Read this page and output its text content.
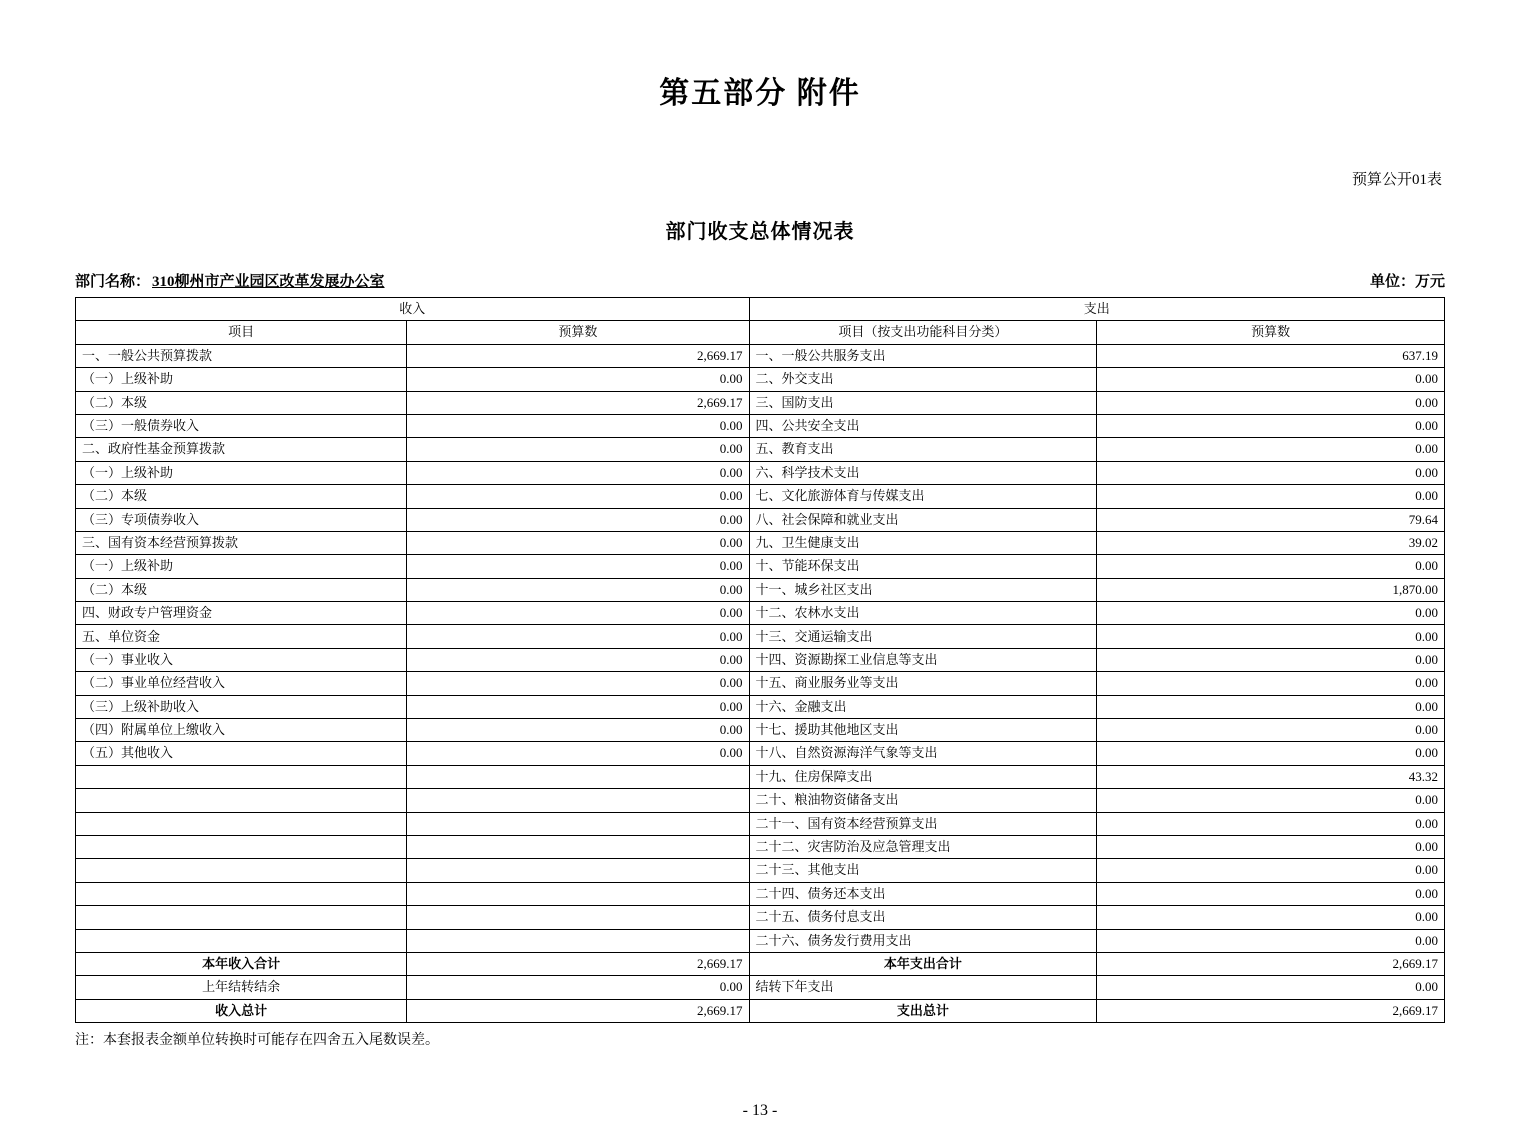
第五部分 附件
预算公开01表
部门收支总体情况表
部门名称： 310柳州市产业园区改革发展办公室	单位：万元
收入		支出	
项目	预算数	项目（按支出功能科目分类）	预算数
一、一般公共预算拨款	2,669.17	一、一般公共服务支出	637.19
（一）上级补助	0.00	二、外交支出	0.00
（二）本级	2,669.17	三、国防支出	0.00
（三）一般债券收入	0.00	四、公共安全支出	0.00
二、政府性基金预算拨款	0.00	五、教育支出	0.00
（一）上级补助	0.00	六、科学技术支出	0.00
（二）本级	0.00	七、文化旅游体育与传媒支出	0.00
（三）专项债券收入	0.00	八、社会保障和就业支出	79.64
三、国有资本经营预算拨款	0.00	九、卫生健康支出	39.02
（一）上级补助	0.00	十、节能环保支出	0.00
（二）本级	0.00	十一、城乡社区支出	1,870.00
四、财政专户管理资金	0.00	十二、农林水支出	0.00
五、单位资金	0.00	十三、交通运输支出	0.00
（一）事业收入	0.00	十四、资源勘探工业信息等支出	0.00
（二）事业单位经营收入	0.00	十五、商业服务业等支出	0.00
（三）上级补助收入	0.00	十六、金融支出	0.00
（四）附属单位上缴收入	0.00	十七、援助其他地区支出	0.00
（五）其他收入	0.00	十八、自然资源海洋气象等支出	0.00
		十九、住房保障支出	43.32
		二十、粮油物资储备支出	0.00
		二十一、国有资本经营预算支出	0.00
		二十二、灾害防治及应急管理支出	0.00
		二十三、其他支出	0.00
		二十四、债务还本支出	0.00
		二十五、债务付息支出	0.00
		二十六、债务发行费用支出	0.00
本年收入合计	2,669.17	本年支出合计	2,669.17
上年结转结余	0.00	结转下年支出	0.00
收入总计	2,669.17	支出总计	2,669.17
注：本套报表金额单位转换时可能存在四舍五入尾数误差。
- 13 -
